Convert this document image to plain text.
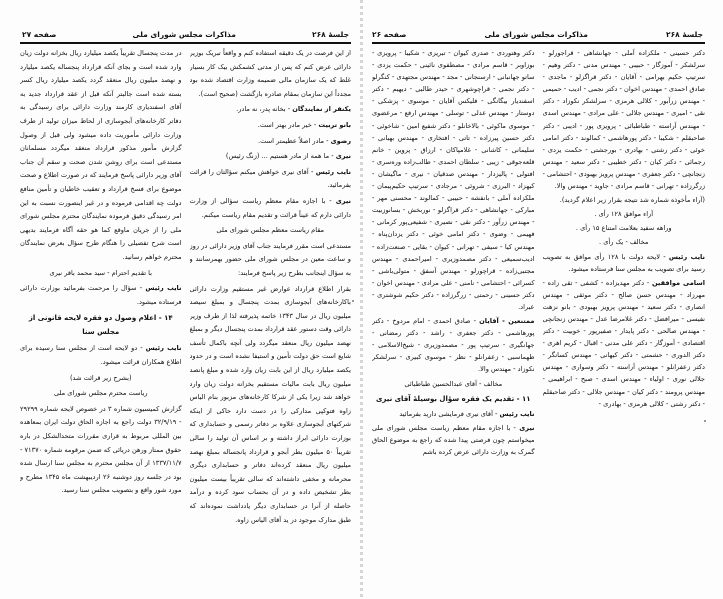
جلسهٔ ۲۶۸
مذاکرات مجلس شورای ملی
صفحه ۲۷

از این فرصت در یک دقیقه استفاده کنم و واقعاً تبریک بوزیر دارائی عرض کنم که پس از مدتی کشمکش بیک کار بسیار غلط که یک سازمان مالی ضمیمه وزارت اقتصاد شده بود مجدداً این سازمان بمقام صادره بازگشت (صحیح است).

یکنفر از نمایندگان - بخانه پدر، نه مادر.

بانو تربیت - خیر مادر بهتر است.

رضوی - مادر اصلاً عظیمتر است.

نیری - ما همه از مادر هستیم ... (زنگ رئیس)

نایب رئیس - آقای نیری خواهش میکنم سؤالتان را قرائت بفرمائید.

نیری - با اجازه مقام معظم ریاست سؤالی از وزارت دارائی دارم که عیناً قرائت و تقدیم مقام ریاست میکنم.

مقام ریاست معظم مجلس شورای ملی

مستدعی است مقرر فرمایند جناب آقای وزیر دارائی در روز و ساعت معین در مجلس شورای ملی حضور بهمرسانند و به سؤال اینجانب بطرح زیر پاسخ فرمایند:

بقرار اطلاع قرارداد عوارض غیر مستقیم وزارت دارائی باکارخانه‌های آبجوسازی بمدت پنجسال و بمبلغ سیصد میلیون ریال در سال ۱۳۴۳ خاتمه پذیرفته لذا از طرف وزیر دارائی وقت دستور عقد قرارداد بمدت پنجسال دیگر و بمبلغ نهصد میلیون ریال منعقد میگردد ولی آنچه باکمال تأسف شایع است حق دولت تأمین و استیفا نشده است و در حدود یکصد میلیارد ریال از این بابت زیان وارد شده و مبلغ پانصد میلیون ریال بابت مالیات مستقیم بخزانه دولت زیان وارد خواهد شد زیرا یکی از شرکا کارخانه‌های مزبور بنام الیاس زاوه فتوکپی مدارکی را در دست دارد حاکی از اینکه شرکتهای آبجوسازی علاوه بر دفاتر رسمی و حسابداری که بوزارت دارائی ابراز داشته و بر اساس آن تولید را سالی تقریباً ۵۰ میلیون بطر آبجو و قرارداد پانجساله بمبلغ نهصد میلیون ریال منعقد کرده‌اند دفاتر و حسابداری دیگری محرمانه و مخفی داشته‌اند که سالی تقریباً بیست میلیون بطر تشخیص داده و در آن بحساب سود کرده و درآمد حاصله از آنرا در حسابداری دیگر یادداشت نموده‌اند که طبق مدارک موجود در ید آقای الیاس زاوه.

در مدت پنجسال تقریباً یکصد میلیارد ریال بخزانه دولت زیان وارد شده است و بجای آنکه قرارداد پنجساله یکصد میلیارد و نهصد میلیون ریال منعقد گردد یکصد میلیارد ریال کسر بسته شده است جالبتر آنکه قبل از عقد قرارداد جدید به آقای اسفندیاری کارمند وزارت دارائی برای رسیدگی به دفاتر کارخانه‌های آبجوسازی از لحاظ میزان تولید از طرف وزارت دارائی مأموریت داده میشود ولی قبل از وصول گزارش مأمور مذکور قرارداد منعقد میگردد مسلمانان مستدعی است برای روشن شدن صحت و سقم آن جناب آقای وزیر دارائی پاسخ فرمایند که در صورت اطلاع و صحت موضوع برای فسخ قرارداد و تعقیب خاطیان و تأمین منافع دولت چه اقدامی فرموده و در غیر اینصورت نسبت به این امر رسیدگی دقیق فرموده نمایندگان محترم مجلس شورای ملی را از جریان ماوقع کما هو حقه آگاه فرمایند بدیهی است شرح تفصیلی را هنگام طرح سؤال بعرض نمایندگان محترم خواهم رسانید.

با تقدیم احترام - سید محمد باقر نیری

نایب رئیس - سؤال را مرحمت بفرمائید بوزارت دارائی فرستاده میشود.

۱۴ - اعلام وصول دو فقره لایحه قانونی از مجلس سنا

نایب رئیس - دو لایحه است از مجلس سنا رسیده برای اطلاع همکاران قرائت میشود.

(بشرح زیر قرائت شد)

ریاست محترم مجلس شورای ملی

گزارش کمیسیون شماره ۳ در خصوص لایحه شماره ۲۹۲۹۹ - ۳۲/۹/۱۹ دولت راجع به اجازه الحاق دولت ایران بمعاهده بین المللی مربوط به قراری مقررات متحدالشکل در باره حقوق ممتاز ورهن دریائی که ضمن مرقومه شماره ۷۱۳۷۰ - ۱۳۳۷/۱۱/۷ از آن مجلس محترم به مجلس سنا ارسال شده بود در جلسه روز دوشنبه ۲۶ اردیبهشت ماه ۱۳۴۵ مطرح و مورد شور واقع و بتصویب مجلس سنا رسید.

جلسهٔ ۲۶۸
مذاکرات مجلس شورای ملی
صفحه ۲۶

دکتر حسینی - ملکزاده آملی - جهانشاهی - قراجورلو - سرلشکر - آموزگار - حبیبی - مهندس مدنی - دکتر وهیم - سرتیپ حکیم بهرامی - آقایان - دکتر قراگزلو - ماجدی - صادق احمدی - مهندس اخوان - دکتر نجمی - ادیب - حمیمی - مهندس زرآبور - کلالی هرمزی - سرلشکر نکوزاد - دکتر نقی - امیری - مهندس جلالی - علی مرادی - مهندس اسدی - مهندس آراسته - طباطبائی - پرویزی پور - ادیبی - دکتر صاحبقلم - شکیبا - دکتر پورهاشمی - کمالوند - دکتر امامی خوئی - دکتر رشتی - بهادری - بورجشتی - حکمت یزدی - رجمائی - دکتر کیان - دکتر خطیبی - دکتر سعید - مهندس زنجانچی - دکتر جعفری - مهندس پرویز بهبودی - احتشامی - زرگرزاده - تهرانی - قاسم مرادی - جاوید - مهندس والا.

(آراء مأخوذه شماره شد نتیجه بقرار زیر اعلام گردید).

آراء موافق ۱۲۸ رأی .

وراهه سفید بعلامت امتناع ۱۵ رأی .

مخالف - یک رأی .

نایب رئیس - لایحه دولت با ۱۲۸ رأی موافق به تصویب رسید برای تصویب به مجلس سنا فرستاده میشود.

اسامی موافقین - دکتر مهدیزاده - کشفی - تقی زاده - مهرزاد - مهندس حسن صالح - دکتر موثقی - مهندس انصاری - دکتر سعید - مهندس پرویز بهبودی - بانو نزهت نفیسی - میرافضل - دکتر غلامرضا عدل - مهندس زنجانچی - مهندس صالحی - دکتر پایدار - صفیرپور - خوبیت - دکتر اقتصادی - آموزگار - دکتر علی مدنی - اقبال - کریم اهری - دکتر الدوری - حشمتی - دکتر کیهانی - مهندس کسانگر - دکتر زعفرانلو - مهندس آراسته - دکتر وسواری - مهندس جلالی نوری - اولیاء - مهندس اسدی - صبح - ابراهیمی - مهندس پرومند - دکتر کیان - مهندس جلالی - دکتر صاحبقلم - دکتر رشتی - کلالی هرمزی - بهادری -

دکتر وهتوردی - صدری کیوان - تبریزی - شکیبا - پرویزی - بوزاوبر - قاسم مرادی - مصطفوی نائینی - حکمت یزدی - ساتو جهانبانی - ارسنجانی - مجد - مهندس مجتهدی - کنگرلو - دکتر نجمی - قراچوشهری - حیدر طالبی - دیهیم - دکتر اسفندیار بیگانگی - فلیکس آقایان - موسوی - پزشکی - دوستار - مهندس عدلی - توسلی - مهندس ارفع - مرعضوی - موسوی ماکوئی - بالاخانلو - دکتر شفیع امین - شاخوئی - دکتر حسین پیرزاده - تاتی - افتخاری - مهندس بهبانی - سلیمانی - کاشانی - غلامپاکان - ارزاق - پروین - خانم قلعه‌جوقی - زیبی - سلطان احمدی - طالب‌زاده وره‌سری - افتولی - پالیزدار - مهندس صدقیان - نیری - ماگیشان - کیهزاد - البرزی - شروئی - مرجادی - سرتیپ حکیم‌پیمان - ملکزاده آملی - بانفشه - حبیبی - کمالوند - محسنی مهر - مبارکی - جهانشاهی - دکتر قراگزلو - نوربخش - بسانوزبیت - مهندس زرآور - دکتر نقی - نصیری - شفیعی‌پور کرمانی - فهیمی - وضوی - دکتر امامی خوئی - دکتر یزدان‌پناه - مهندس کیا - سیفی - تهرانی - کیوان - بقایی - صنعت‌زاده - ادیب‌سمیعی - دکتر مصمدوزیری - امیراحمدی - مهندس مجتبی‌زاده - قراچورلو - مهندس آسفق - متولی‌باشی - کسرائی - احتشامی - نامنی - علی مرادی - مهندس اخوان - دکتر حسینی - رحمتی - زرگرزاده - دکتر حکیم شوشتری - عبراد.

ممتنعین - آقایان - صادق احمدی - امام مردوخ - دکتر پورهاشمی - دکتر جعفری - راشد - دکتر رمضانی - جهانگیری - سرتیپ پور - مصمدوزیری - شیخ‌الاسلامی - طهماسبی - زعفرانلو - نظر - موسوی کبیری - سرلشکر نکوزاد - مهندس والا.

مخالف - آقای عبدالحسین طباطبائی

۱۱ - تقدیم یک فقره سؤال بوسیلهٔ آقای نیری

نایب رئیس - آقای نیری فرمایشی دارید بفرمائید

نیری - با اجازه مقام معظم ریاست مجلس شورای ملی میخواستم چون فرصتی پیدا شده که راجع به موضوع الحاق گمرک به وزارت دارائی عرض کرده باشم
